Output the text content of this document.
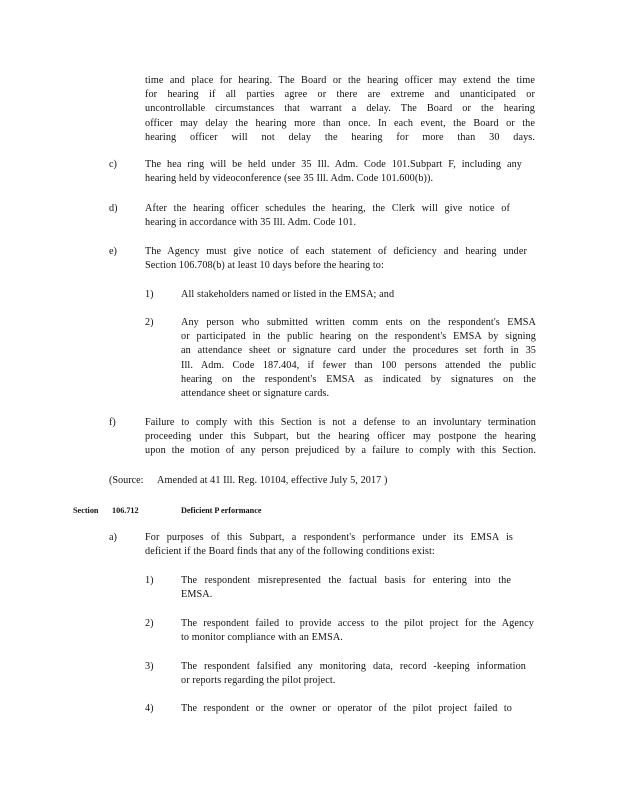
time and place for hearing. The Board or the hearing officer may extend the time
for hearing if all parties agree or there are extreme and unanticipated or
uncontrollable circumstances that warrant a delay. The Board or the hearing
officer may delay the hearing more than once. In each event, the Board or the
hearing officer will not delay the hearing for more than 30 days.
c)	The hea ring will be held under 35 Ill. Adm. Code 101.Subpart F, including any
hearing held by videoconference (see 35 Ill. Adm. Code 101.600(b)).
d)	After the hearing officer schedules the hearing, the Clerk will give notice of
hearing in accordance with 35 Ill. Adm. Code 101.
e)	The Agency must give notice of each statement of deficiency and hearing under
Section 106.708(b) at least 10 days before the hearing to:
1)	All stakeholders named or listed in the EMSA; and
2)	Any person who submitted written comm ents on the respondent's EMSA
or participated in the public hearing on the respondent's EMSA by signing
an attendance sheet or signature card under the procedures set forth in 35
Ill. Adm. Code 187.404, if fewer than 100 persons attended the public
hearing on the respondent's EMSA as indicated by signatures on the
attendance sheet or signature cards.
f)	Failure to comply with this Section is not a defense to an involuntary termination
proceeding under this Subpart, but the hearing officer may postpone the hearing
upon the motion of any person prejudiced by a failure to comply with this Section.
(Source: Amended at 41 Ill. Reg. 10104, effective July 5, 2017 )
Section 106.712	Deficient P erformance
a)	For purposes of this Subpart, a respondent's performance under its EMSA is
deficient if the Board finds that any of the following conditions exist:
1)	The respondent misrepresented the factual basis for entering into the
EMSA.
2)	The respondent failed to provide access to the pilot project for the Agency
to monitor compliance with an EMSA.
3)	The respondent falsified any monitoring data, record -keeping information
or reports regarding the pilot project.
4)	The respondent or the owner or operator of the pilot project failed to
